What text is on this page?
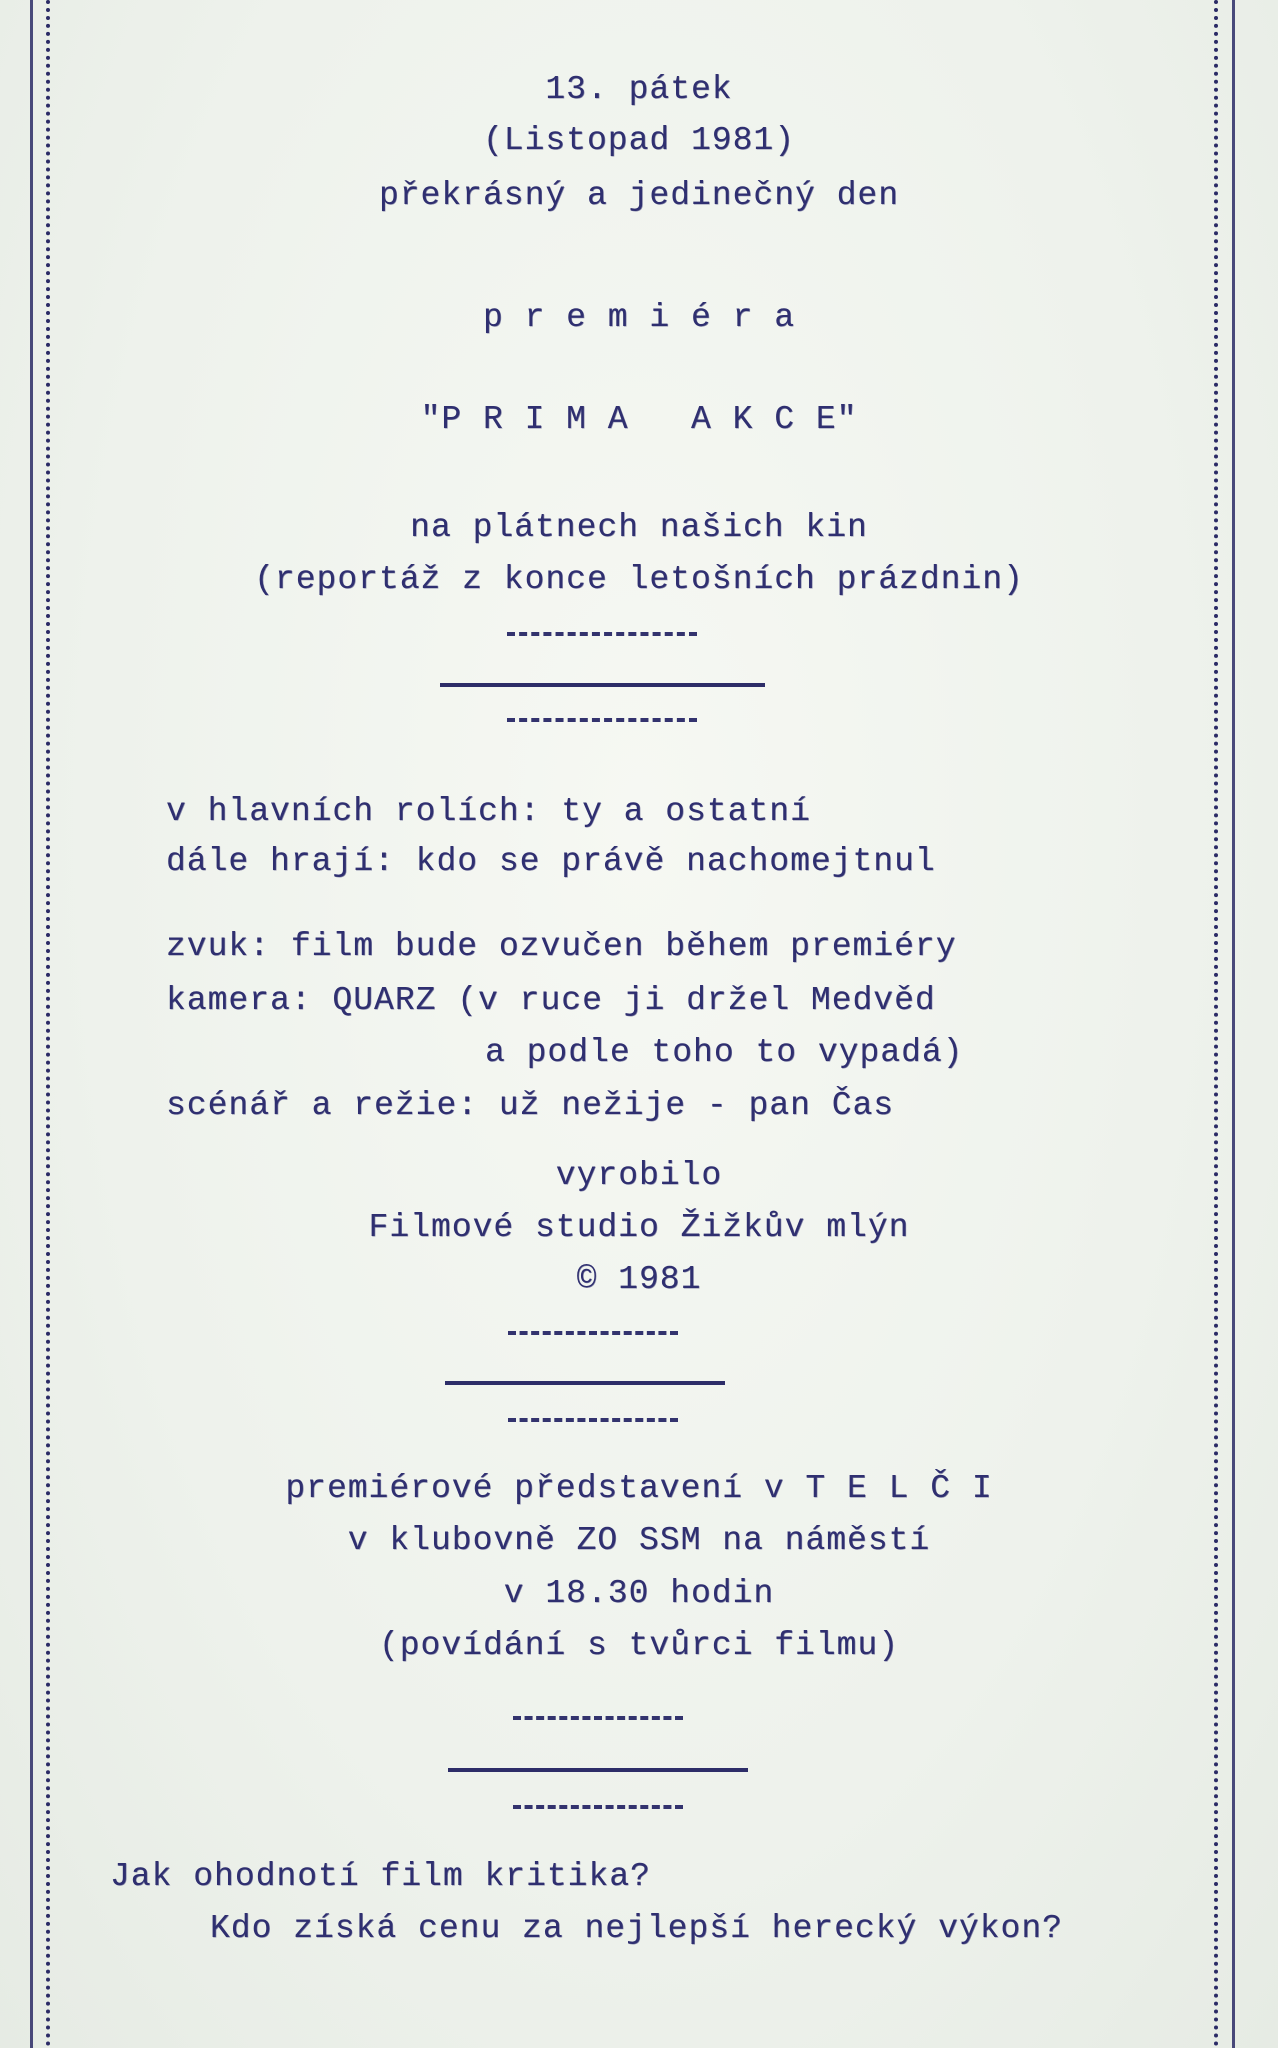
13. pátek
(Listopad 1981)
překrásný a jedinečný den
p r e m i é r a
"P R I M A   A K C E"
na plátnech našich kin
(reportáž z konce letošních prázdnin)
v hlavních rolích: ty a ostatní
dále hrají: kdo se právě nachomejtnul
zvuk: film bude ozvučen během premiéry
kamera: QUARZ (v ruce ji držel Medvěd
a podle toho to vypadá)
scénář a režie: už nežije - pan Čas
vyrobilo
Filmové studio Žižkův mlýn
© 1981
premiérové představení v T E L Č I
v klubovně ZO SSM na náměstí
v 18.30 hodin
(povídání s tvůrci filmu)
Jak ohodnotí film kritika?
Kdo získá cenu za nejlepší herecký výkon?
